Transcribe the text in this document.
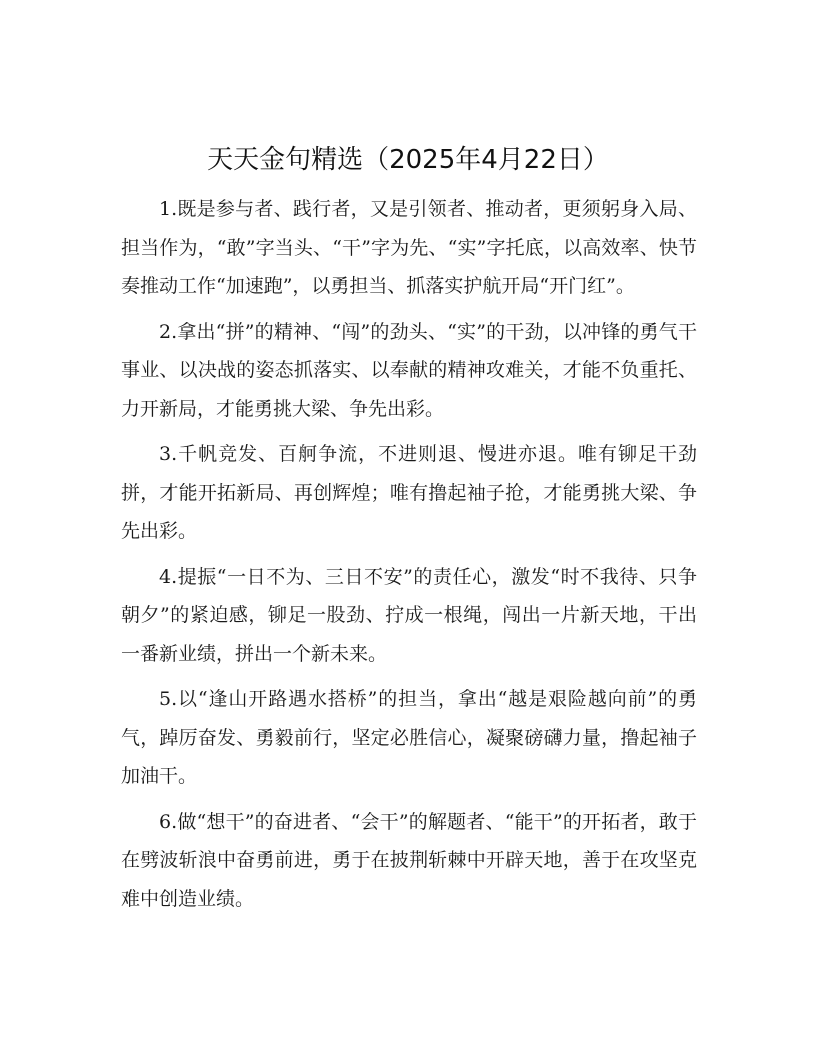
天天金句精选（2025年4月22日）

1.既是参与者、践行者，又是引领者、推动者，更须躬身入局、担当作为，“敢”字当头、“干”字为先、“实”字托底，以高效率、快节奏推动工作“加速跑”，以勇担当、抓落实护航开局“开门红”。

2.拿出“拼”的精神、“闯”的劲头、“实”的干劲，以冲锋的勇气干事业、以决战的姿态抓落实、以奉献的精神攻难关，才能不负重托、力开新局，才能勇挑大梁、争先出彩。

3.千帆竞发、百舸争流，不进则退、慢进亦退。唯有铆足干劲拼，才能开拓新局、再创辉煌；唯有撸起袖子抢，才能勇挑大梁、争先出彩。

4.提振“一日不为、三日不安”的责任心，激发“时不我待、只争朝夕”的紧迫感，铆足一股劲、拧成一根绳，闯出一片新天地，干出一番新业绩，拼出一个新未来。

5.以“逢山开路遇水搭桥”的担当，拿出“越是艰险越向前”的勇气，踔厉奋发、勇毅前行，坚定必胜信心，凝聚磅礴力量，撸起袖子加油干。

6.做“想干”的奋进者、“会干”的解题者、“能干”的开拓者，敢于在劈波斩浪中奋勇前进，勇于在披荆斩棘中开辟天地，善于在攻坚克难中创造业绩。
